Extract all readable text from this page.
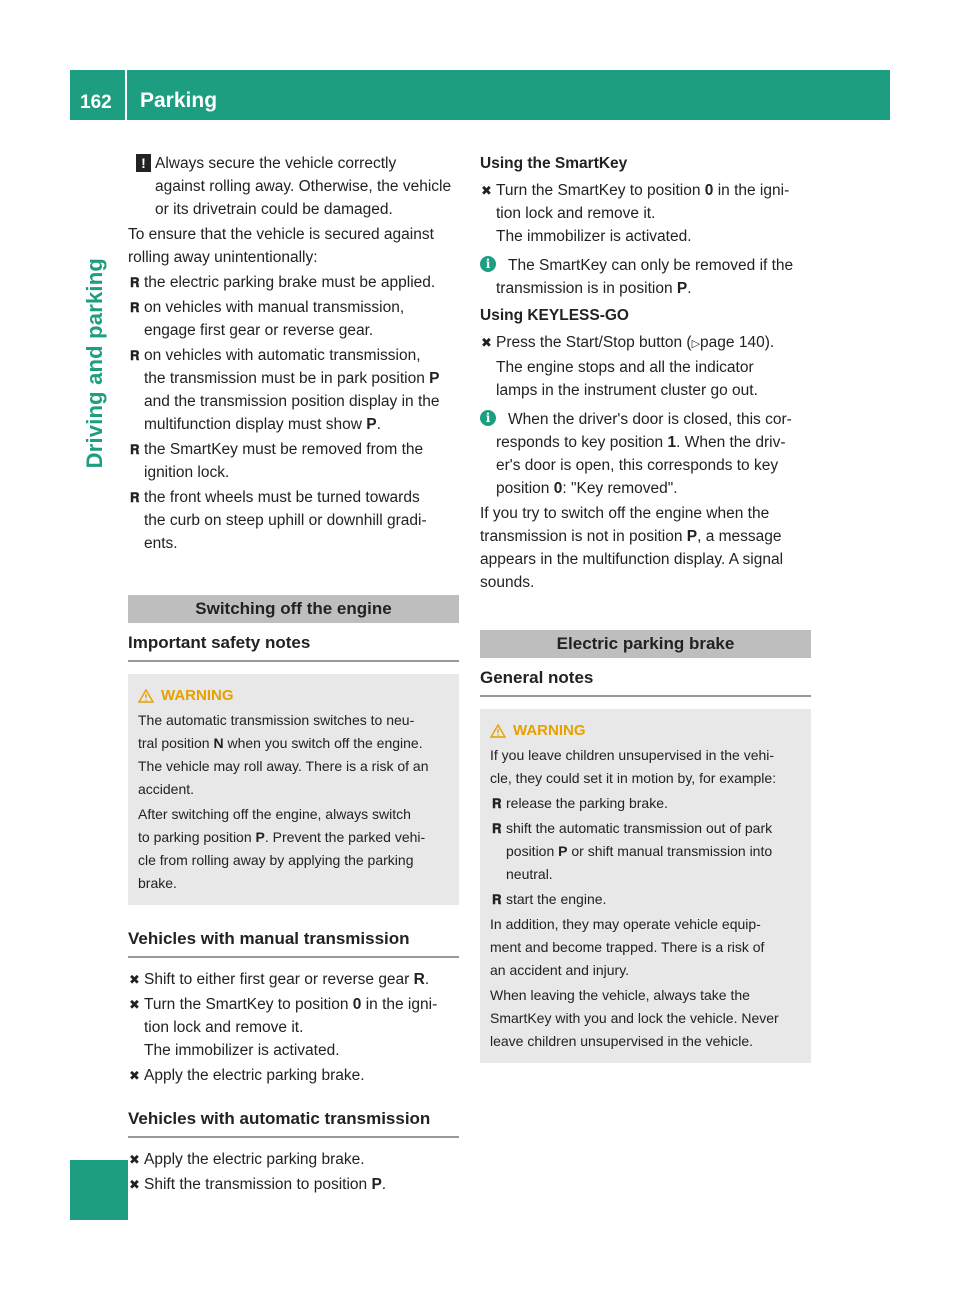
162 Parking
Driving and parking
! Always secure the vehicle correctly
against rolling away. Otherwise, the vehicle
or its drivetrain could be damaged.

To ensure that the vehicle is secured against
rolling away unintentionally:

𝐑 the electric parking brake must be applied.
𝐑 on vehicles with manual transmission,
engage first gear or reverse gear.
𝐑 on vehicles with automatic transmission,
the transmission must be in park position P
and the transmission position display in the
multifunction display must show P.
𝐑 the SmartKey must be removed from the
ignition lock.
𝐑 the front wheels must be turned towards
the curb on steep uphill or downhill gradi-
ents.
Switching off the engine
Important safety notes
WARNING

The automatic transmission switches to neu-
tral position N when you switch off the engine.
The vehicle may roll away. There is a risk of an
accident.

After switching off the engine, always switch
to parking position P. Prevent the parked vehi-
cle from rolling away by applying the parking
brake.

Vehicles with manual transmission
✖ Shift to either first gear or reverse gear R.
✖ Turn the SmartKey to position 0 in the igni-
tion lock and remove it.
The immobilizer is activated.
✖ Apply the electric parking brake.
Vehicles with automatic transmission
✖ Apply the electric parking brake.
✖ Shift the transmission to position P.

Using the SmartKey

✖ Turn the SmartKey to position 0 in the igni-
tion lock and remove it.
The immobilizer is activated.
i	The SmartKey can only be removed if the
transmission is in position P.

Using KEYLESS-GO

✖ Press the Start/Stop button (▷page 140).
The engine stops and all the indicator
lamps in the instrument cluster go out.
i	When the driver's door is closed, this cor-
responds to key position 1. When the driv-
er's door is open, this corresponds to key
position 0: "Key removed".

If you try to switch off the engine when the
transmission is not in position P, a message
appears in the multifunction display. A signal
sounds.

Electric parking brake
General notes
WARNING

If you leave children unsupervised in the vehi-
cle, they could set it in motion by, for example:

𝐑 release the parking brake.
𝐑 shift the automatic transmission out of park
position P or shift manual transmission into
neutral.
𝐑 start the engine.

In addition, they may operate vehicle equip-
ment and become trapped. There is a risk of
an accident and injury.

When leaving the vehicle, always take the
SmartKey with you and lock the vehicle. Never
leave children unsupervised in the vehicle.
